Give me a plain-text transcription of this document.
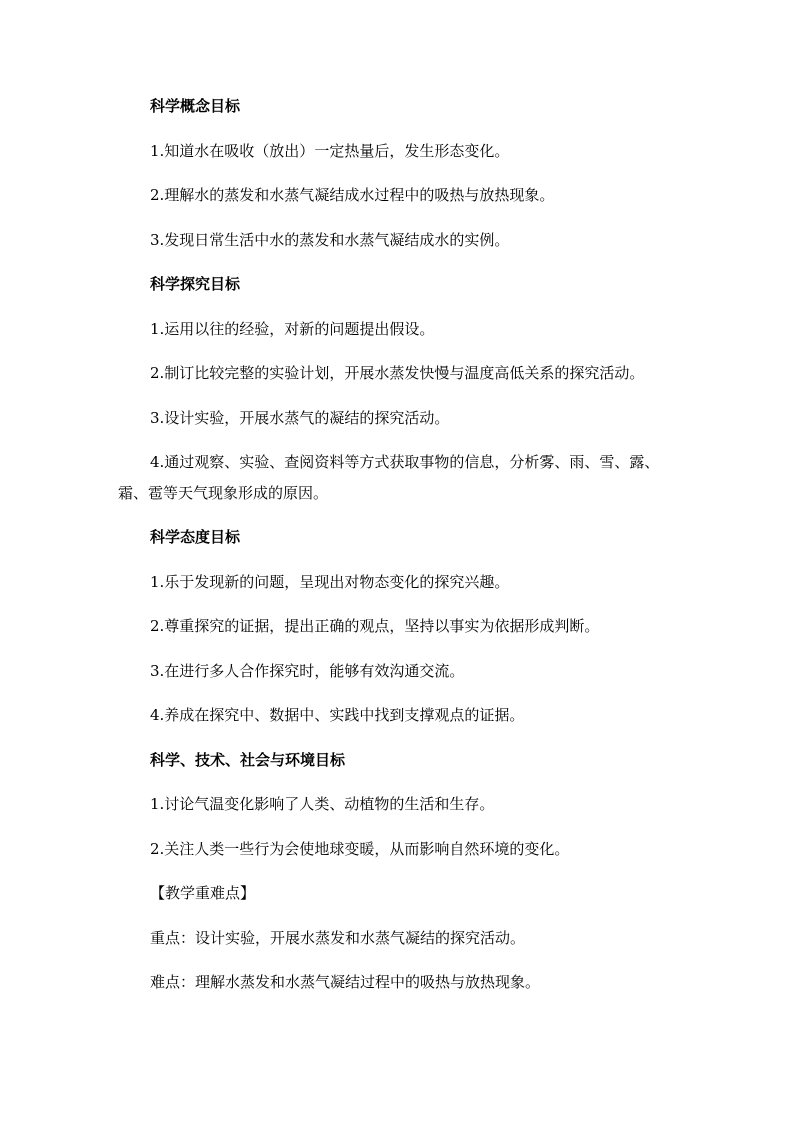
科学概念目标
1.知道水在吸收（放出）一定热量后，发生形态变化。
2.理解水的蒸发和水蒸气凝结成水过程中的吸热与放热现象。
3.发现日常生活中水的蒸发和水蒸气凝结成水的实例。
科学探究目标
1.运用以往的经验，对新的问题提出假设。
2.制订比较完整的实验计划，开展水蒸发快慢与温度高低关系的探究活动。
3.设计实验，开展水蒸气的凝结的探究活动。
4.通过观察、实验、查阅资料等方式获取事物的信息，分析雾、雨、雪、露、
霜、雹等天气现象形成的原因。
科学态度目标
1.乐于发现新的问题，呈现出对物态变化的探究兴趣。
2.尊重探究的证据，提出正确的观点，坚持以事实为依据形成判断。
3.在进行多人合作探究时，能够有效沟通交流。
4.养成在探究中、数据中、实践中找到支撑观点的证据。
科学、技术、社会与环境目标
1.讨论气温变化影响了人类、动植物的生活和生存。
2.关注人类一些行为会使地球变暖，从而影响自然环境的变化。
【教学重难点】
重点：设计实验，开展水蒸发和水蒸气凝结的探究活动。
难点：理解水蒸发和水蒸气凝结过程中的吸热与放热现象。
